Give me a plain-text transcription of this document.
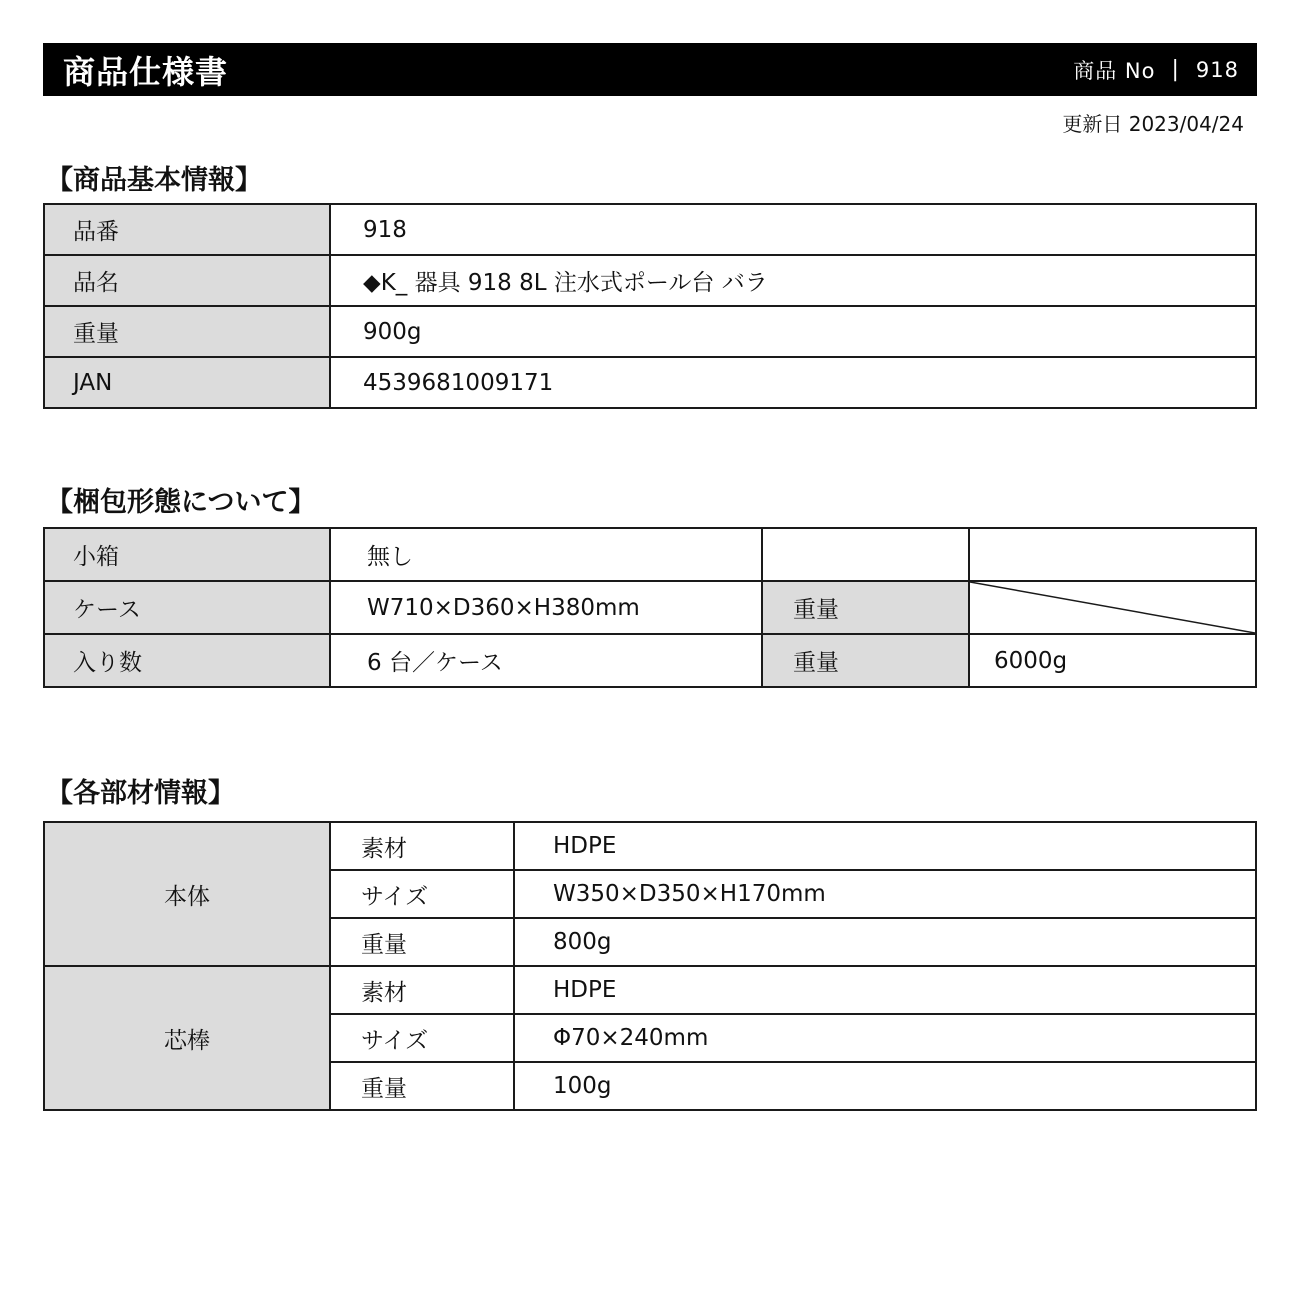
商品仕様書	商品 No | 918
更新日 2023/04/24
【商品基本情報】
品番	918
品名	◆K_ 器具 918 8L 注水式ポール台 バラ
重量	900g
JAN	4539681009171
【梱包形態について】
小箱	無し		
ケース	W710×D360×H380mm	重量	

入り数	6 台／ケース	重量	6000g
【各部材情報】
本体	素材	HDPE
	サイズ	W350×D350×H170mm
	重量	800g
芯棒	素材	HDPE
	サイズ	Φ70×240mm
	重量	100g
